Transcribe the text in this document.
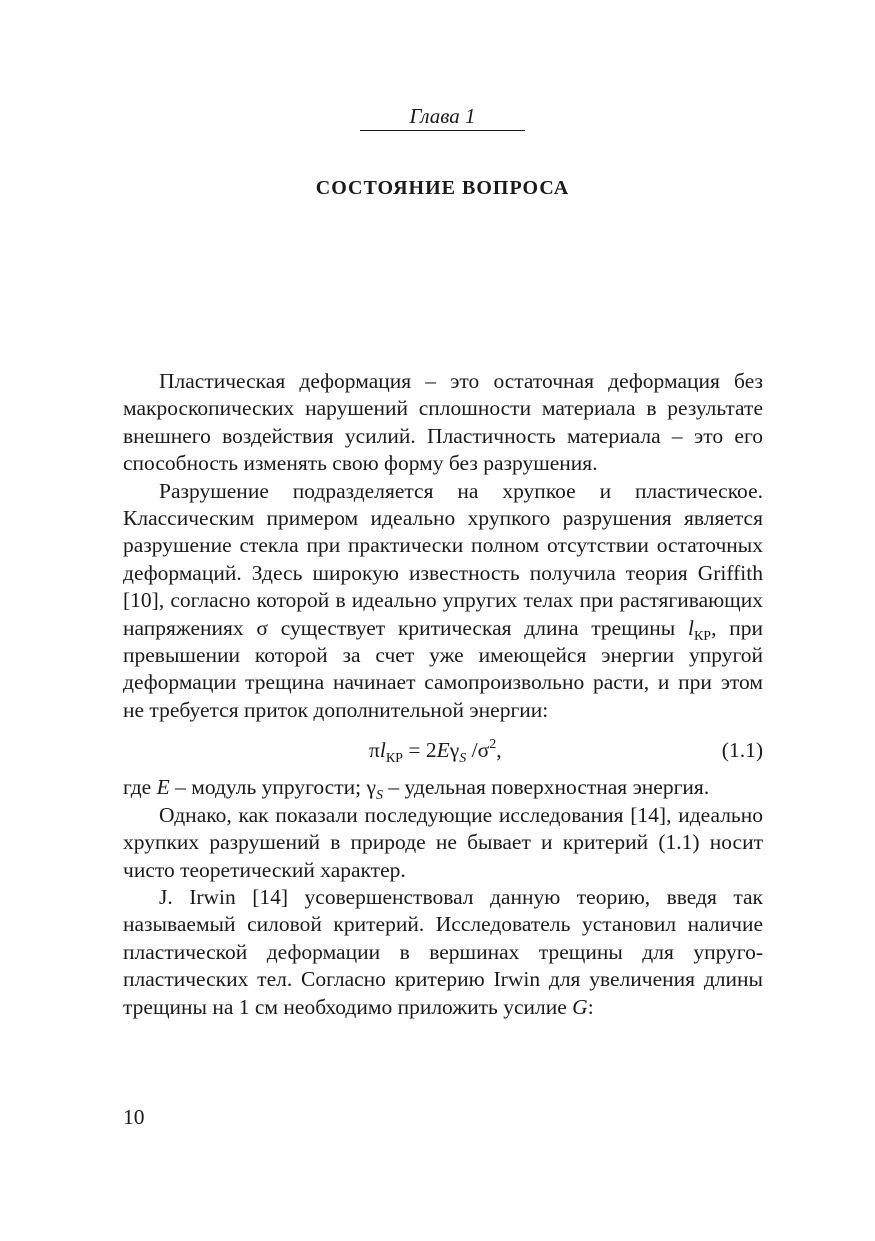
Глава 1
СОСТОЯНИЕ ВОПРОСА

Пластическая деформация – это остаточная деформация без макроскопических нарушений сплошности материала в результате внешнего воздействия усилий. Пластичность материала – это его способность изменять свою форму без разрушения.

Разрушение подразделяется на хрупкое и пластическое. Классическим примером идеально хрупкого разрушения является разрушение стекла при практически полном отсутствии остаточных деформаций. Здесь широкую известность получила теория Griffith [10], согласно которой в идеально упругих телах при растягивающих напряжениях σ существует критическая длина трещины $l_{КР}$, при превышении которой за счет уже имеющейся энергии упругой деформации трещина начинает самопроизвольно расти, и при этом не требуется приток дополнительной энергии:

$\pi l_{КР} = 2E\gamma_S$ $/\sigma^2$,	(1.1)

где E – модуль упругости; $\gamma_S$ – удельная поверхностная энергия.

Однако, как показали последующие исследования [14], идеально хрупких разрушений в природе не бывает и критерий (1.1) носит чисто теоретический характер.

J. Irwin [14] усовершенствовал данную теорию, введя так называемый силовой критерий. Исследователь установил наличие пластической деформации в вершинах трещины для упруго-пластических тел. Согласно критерию Irwin для увеличения длины трещины на 1 см необходимо приложить усилие G:

10
